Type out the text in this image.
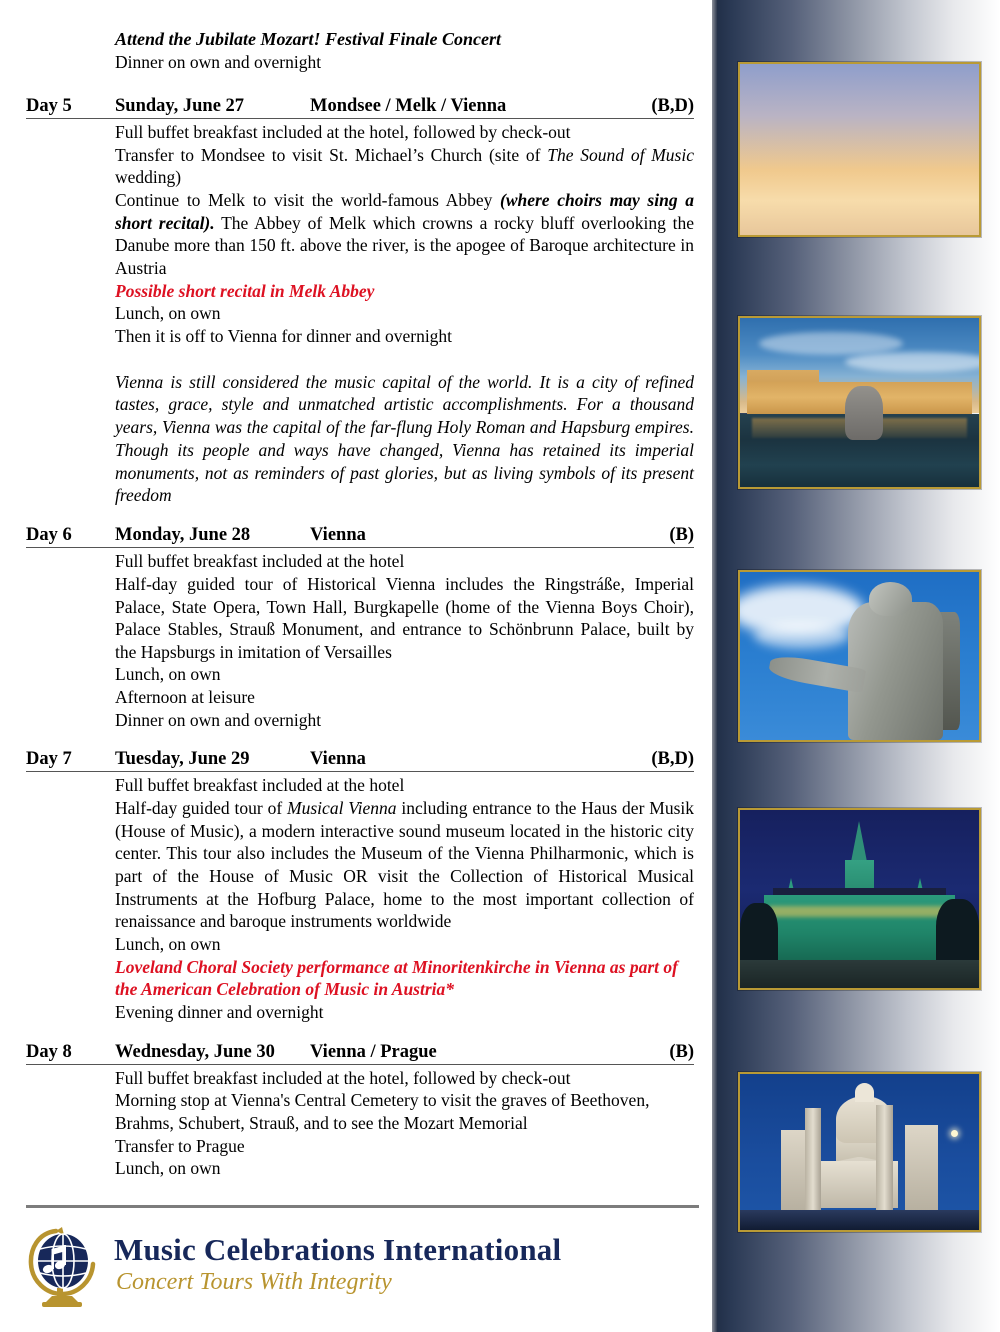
Attend the Jubilate Mozart! Festival Finale Concert
Dinner on own and overnight
Day 5	Sunday, June 27	Mondsee / Melk / Vienna	(B,D)
Full buffet breakfast included at the hotel, followed by check-out
Transfer to Mondsee to visit St. Michael’s Church (site of The Sound of Music wedding)
Continue to Melk to visit the world-famous Abbey (where choirs may sing a short recital). The Abbey of Melk which crowns a rocky bluff overlooking the Danube more than 150 ft. above the river, is the apogee of Baroque architecture in Austria
Possible short recital in Melk Abbey
Lunch, on own
Then it is off to Vienna for dinner and overnight
Vienna is still considered the music capital of the world. It is a city of refined tastes, grace, style and unmatched artistic accomplishments. For a thousand years, Vienna was the capital of the far-flung Holy Roman and Hapsburg empires. Though its people and ways have changed, Vienna has retained its imperial monuments, not as reminders of past glories, but as living symbols of its present freedom
Day 6	Monday, June 28	Vienna	(B)
Full buffet breakfast included at the hotel
Half-day guided tour of Historical Vienna includes the Ringstráße, Imperial Palace, State Opera, Town Hall, Burgkapelle (home of the Vienna Boys Choir), Palace Stables, Strauß Monument, and entrance to Schönbrunn Palace, built by the Hapsburgs in imitation of Versailles
Lunch, on own
Afternoon at leisure
Dinner on own and overnight
Day 7	Tuesday, June 29	Vienna	(B,D)
Full buffet breakfast included at the hotel
Half-day guided tour of Musical Vienna including entrance to the Haus der Musik (House of Music), a modern interactive sound museum located in the historic city center. This tour also includes the Museum of the Vienna Philharmonic, which is part of the House of Music OR visit the Collection of Historical Musical Instruments at the Hofburg Palace, home to the most important collection of renaissance and baroque instruments worldwide
Lunch, on own
Loveland Choral Society performance at Minoritenkirche in Vienna as part of the American Celebration of Music in Austria*
Evening dinner and overnight
Day 8	Wednesday, June 30	Vienna / Prague	(B)
Full buffet breakfast included at the hotel, followed by check-out
Morning stop at Vienna's Central Cemetery to visit the graves of Beethoven, Brahms, Schubert, Strauß, and to see the Mozart Memorial
Transfer to Prague
Lunch, on own
Music Celebrations International
Concert Tours With Integrity
